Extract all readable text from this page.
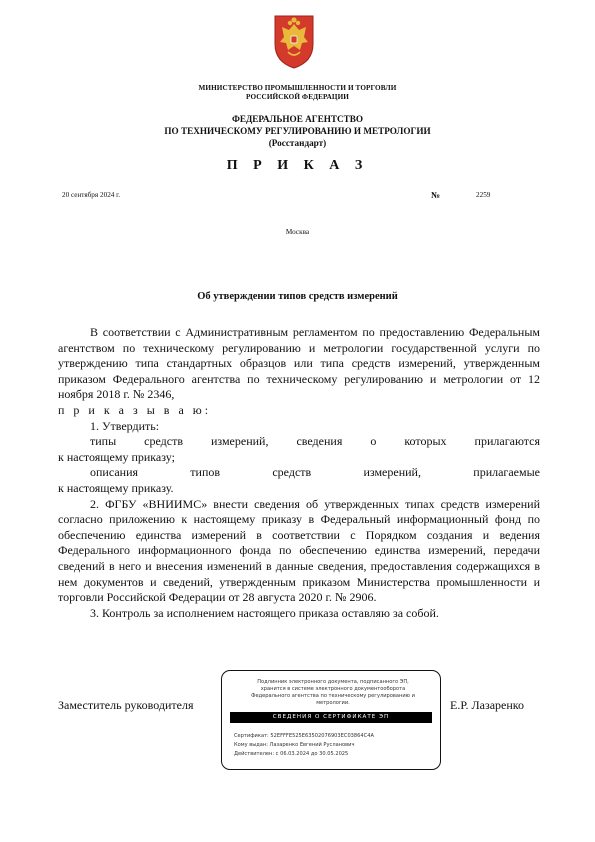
МИНИСТЕРСТВО ПРОМЫШЛЕННОСТИ И ТОРГОВЛИ
РОССИЙСКОЙ ФЕДЕРАЦИИ
ФЕДЕРАЛЬНОЕ АГЕНТСТВО
ПО ТЕХНИЧЕСКОМУ РЕГУЛИРОВАНИЮ И МЕТРОЛОГИИ
(Росстандарт)
П Р И К А З
20 сентября 2024 г.	№	2259
Москва
Об утверждении типов средств измерений

В соответствии с Административным регламентом по предоставлению Федеральным агентством по техническому регулированию и метрологии государственной услуги по утверждению типа стандартных образцов или типа средств измерений, утвержденным приказом Федерального агентства по техническому регулированию и метрологии от 12 ноября 2018 г. № 2346,

п р и к а з ы в а ю:

1. Утвердить:

типы средств измерений, сведения о которых прилагаются

к настоящему приказу;

описания типов средств измерений, прилагаемые

к настоящему приказу.

2. ФГБУ «ВНИИМС» внести сведения об утвержденных типах средств измерений согласно приложению к настоящему приказу в Федеральный информационный фонд по обеспечению единства измерений в соответствии с Порядком создания и ведения Федерального информационного фонда по обеспечению единства измерений, передачи сведений в него и внесения изменений в данные сведения, предоставления содержащихся в нем документов и сведений, утвержденным приказом Министерства промышленности и торговли Российской Федерации от 28 августа 2020 г. № 2906.

3. Контроль за исполнением настоящего приказа оставляю за собой.

Заместитель руководителя	Е.Р. Лазаренко
Подлинник электронного документа, подписанного ЭП,
хранится в системе электронного документооборота
Федерального агентства по техническому регулированию и
метрологии.
СВЕДЕНИЯ О СЕРТИФИКАТЕ ЭП
Сертификат: 52EFFFE525E63502076903EC03864C4A
Кому выдан: Лазаренко Евгений Русланович
Действителен: с 06.03.2024 до 30.05.2025
